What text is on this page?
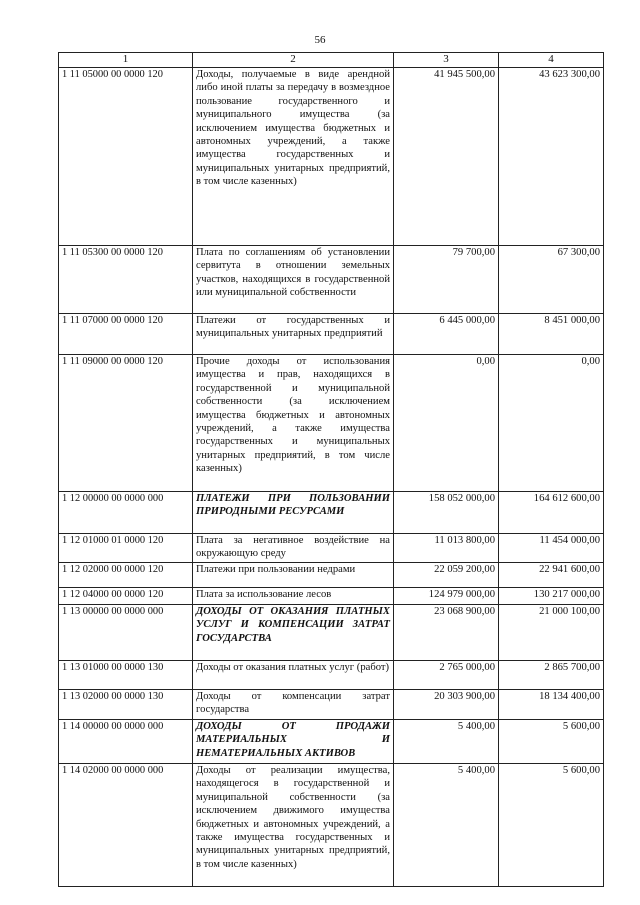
56
1	2	3	4
1 11 05000 00 0000 120	Доходы, получаемые в виде арендной либо иной платы за передачу в возмездное пользование государственного и муниципального имущества (за исключением имущества бюджетных и автономных учреждений, а также имущества государственных и муниципальных унитарных предприятий, в том числе казенных)	41 945 500,00	43 623 300,00
1 11 05300 00 0000 120	Плата по соглашениям об установлении сервитута в отношении земельных участков, находящихся в государственной или муниципальной собственности	79 700,00	67 300,00
1 11 07000 00 0000 120	Платежи от государственных и муниципальных унитарных предприятий	6 445 000,00	8 451 000,00
1 11 09000 00 0000 120	Прочие доходы от использования имущества и прав, находящихся в государственной и муниципальной собственности (за исключением имущества бюджетных и автономных учреждений, а также имущества государственных и муниципальных унитарных предприятий, в том числе казенных)	0,00	0,00
1 12 00000 00 0000 000	ПЛАТЕЖИ ПРИ ПОЛЬЗОВАНИИ ПРИРОДНЫМИ РЕСУРСАМИ	158 052 000,00	164 612 600,00
1 12 01000 01 0000 120	Плата за негативное воздействие на окружающую среду	11 013 800,00	11 454 000,00
1 12 02000 00 0000 120	Платежи при пользовании недрами	22 059 200,00	22 941 600,00
1 12 04000 00 0000 120	Плата за использование лесов	124 979 000,00	130 217 000,00
1 13 00000 00 0000 000	ДОХОДЫ ОТ ОКАЗАНИЯ ПЛАТНЫХ УСЛУГ И КОМПЕНСАЦИИ ЗАТРАТ ГОСУДАРСТВА	23 068 900,00	21 000 100,00
1 13 01000 00 0000 130	Доходы от оказания платных услуг (работ)	2 765 000,00	2 865 700,00
1 13 02000 00 0000 130	Доходы от компенсации затрат государства	20 303 900,00	18 134 400,00
1 14 00000 00 0000 000	ДОХОДЫ ОТ ПРОДАЖИ МАТЕРИАЛЬНЫХ И НЕМАТЕРИАЛЬНЫХ АКТИВОВ	5 400,00	5 600,00
1 14 02000 00 0000 000	Доходы от реализации имущества, находящегося в государственной и муниципальной собственности (за исключением движимого имущества бюджетных и автономных учреждений, а также имущества государственных и муниципальных унитарных предприятий, в том числе казенных)	5 400,00	5 600,00
